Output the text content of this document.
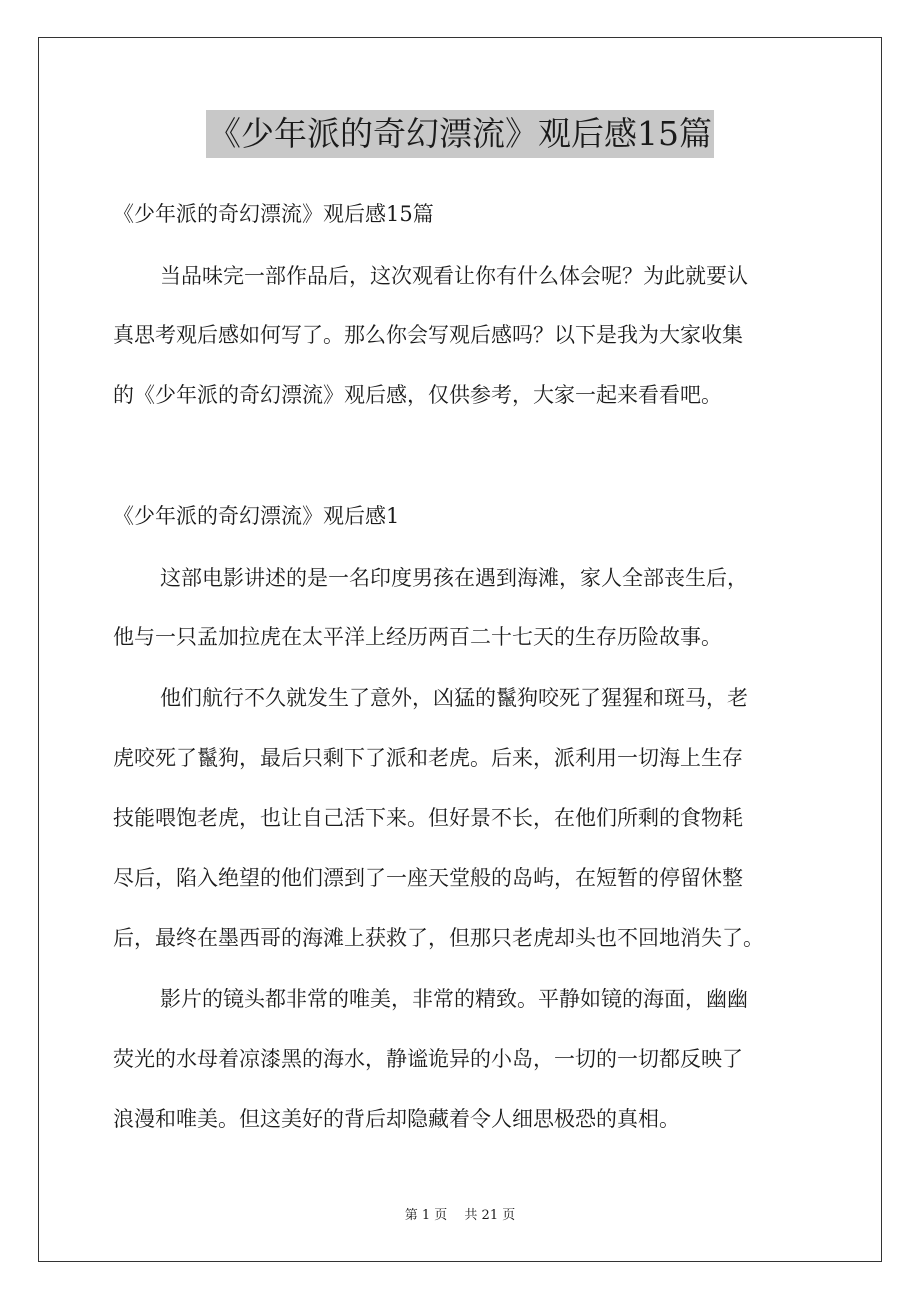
《少年派的奇幻漂流》观后感15篇

《少年派的奇幻漂流》观后感15篇

当品味完一部作品后，这次观看让你有什么体会呢？为此就要认

真思考观后感如何写了。那么你会写观后感吗？以下是我为大家收集

的《少年派的奇幻漂流》观后感，仅供参考，大家一起来看看吧。

《少年派的奇幻漂流》观后感1

这部电影讲述的是一名印度男孩在遇到海滩，家人全部丧生后，

他与一只孟加拉虎在太平洋上经历两百二十七天的生存历险故事。

他们航行不久就发生了意外，凶猛的鬣狗咬死了猩猩和斑马，老

虎咬死了鬣狗，最后只剩下了派和老虎。后来，派利用一切海上生存

技能喂饱老虎，也让自己活下来。但好景不长，在他们所剩的食物耗

尽后，陷入绝望的他们漂到了一座天堂般的岛屿，在短暂的停留休整

后，最终在墨西哥的海滩上获救了，但那只老虎却头也不回地消失了。

影片的镜头都非常的唯美，非常的精致。平静如镜的海面，幽幽

荧光的水母着凉漆黑的海水，静谧诡异的小岛，一切的一切都反映了

浪漫和唯美。但这美好的背后却隐藏着令人细思极恐的真相。

第 1 页　 共 21 页
